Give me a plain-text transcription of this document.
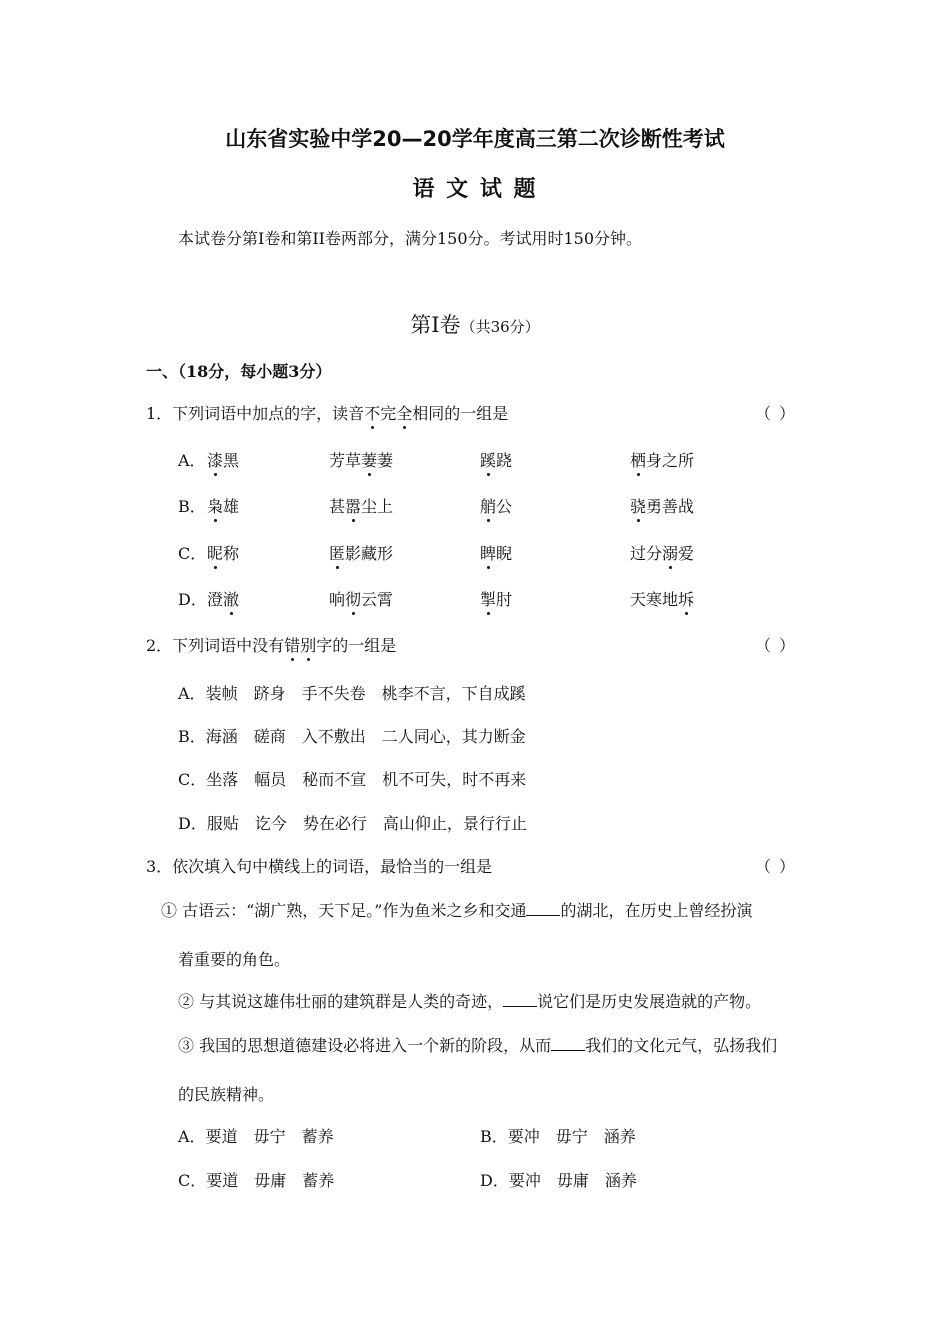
山东省实验中学20—20学年度高三第二次诊断性考试
语 文 试 题
本试卷分第I卷和第II卷两部分，满分150分。考试用时150分钟。
第Ⅰ卷（共36分）
一、（18分，每小题3分）
1．下列词语中加点的字，读音不完全相同的一组是	（ ）
A． 漆黑	芳草萋萋	蹊跷	栖身之所
B． 枭雄	甚嚣尘上	艄公	骁勇善战
C． 昵称	匿影藏形	睥睨	过分溺爱
D． 澄澈	响彻云霄	掣肘	天寒地坼
2．下列词语中没有错别字的一组是	（ ）
A．装帧　跻身　手不失卷　桃李不言，下自成蹊
B．海涵　磋商　入不敷出　二人同心，其力断金
C．坐落　幅员　秘而不宣　机不可失，时不再来
D．服贴　讫今　势在必行　高山仰止，景行行止
3．依次填入句中横线上的词语，最恰当的一组是	（ ）
① 古语云：“湖广熟，天下足。”作为鱼米之乡和交通 的湖北，在历史上曾经扮演
着重要的角色。
② 与其说这雄伟壮丽的建筑群是人类的奇迹， 说它们是历史发展造就的产物。
③ 我国的思想道德建设必将进入一个新的阶段，从而 我们的文化元气，弘扬我们
的民族精神。
A．要道　毋宁　蓄养	B．要冲　毋宁　涵养
C．要道　毋庸　蓄养	D．要冲　毋庸　涵养
